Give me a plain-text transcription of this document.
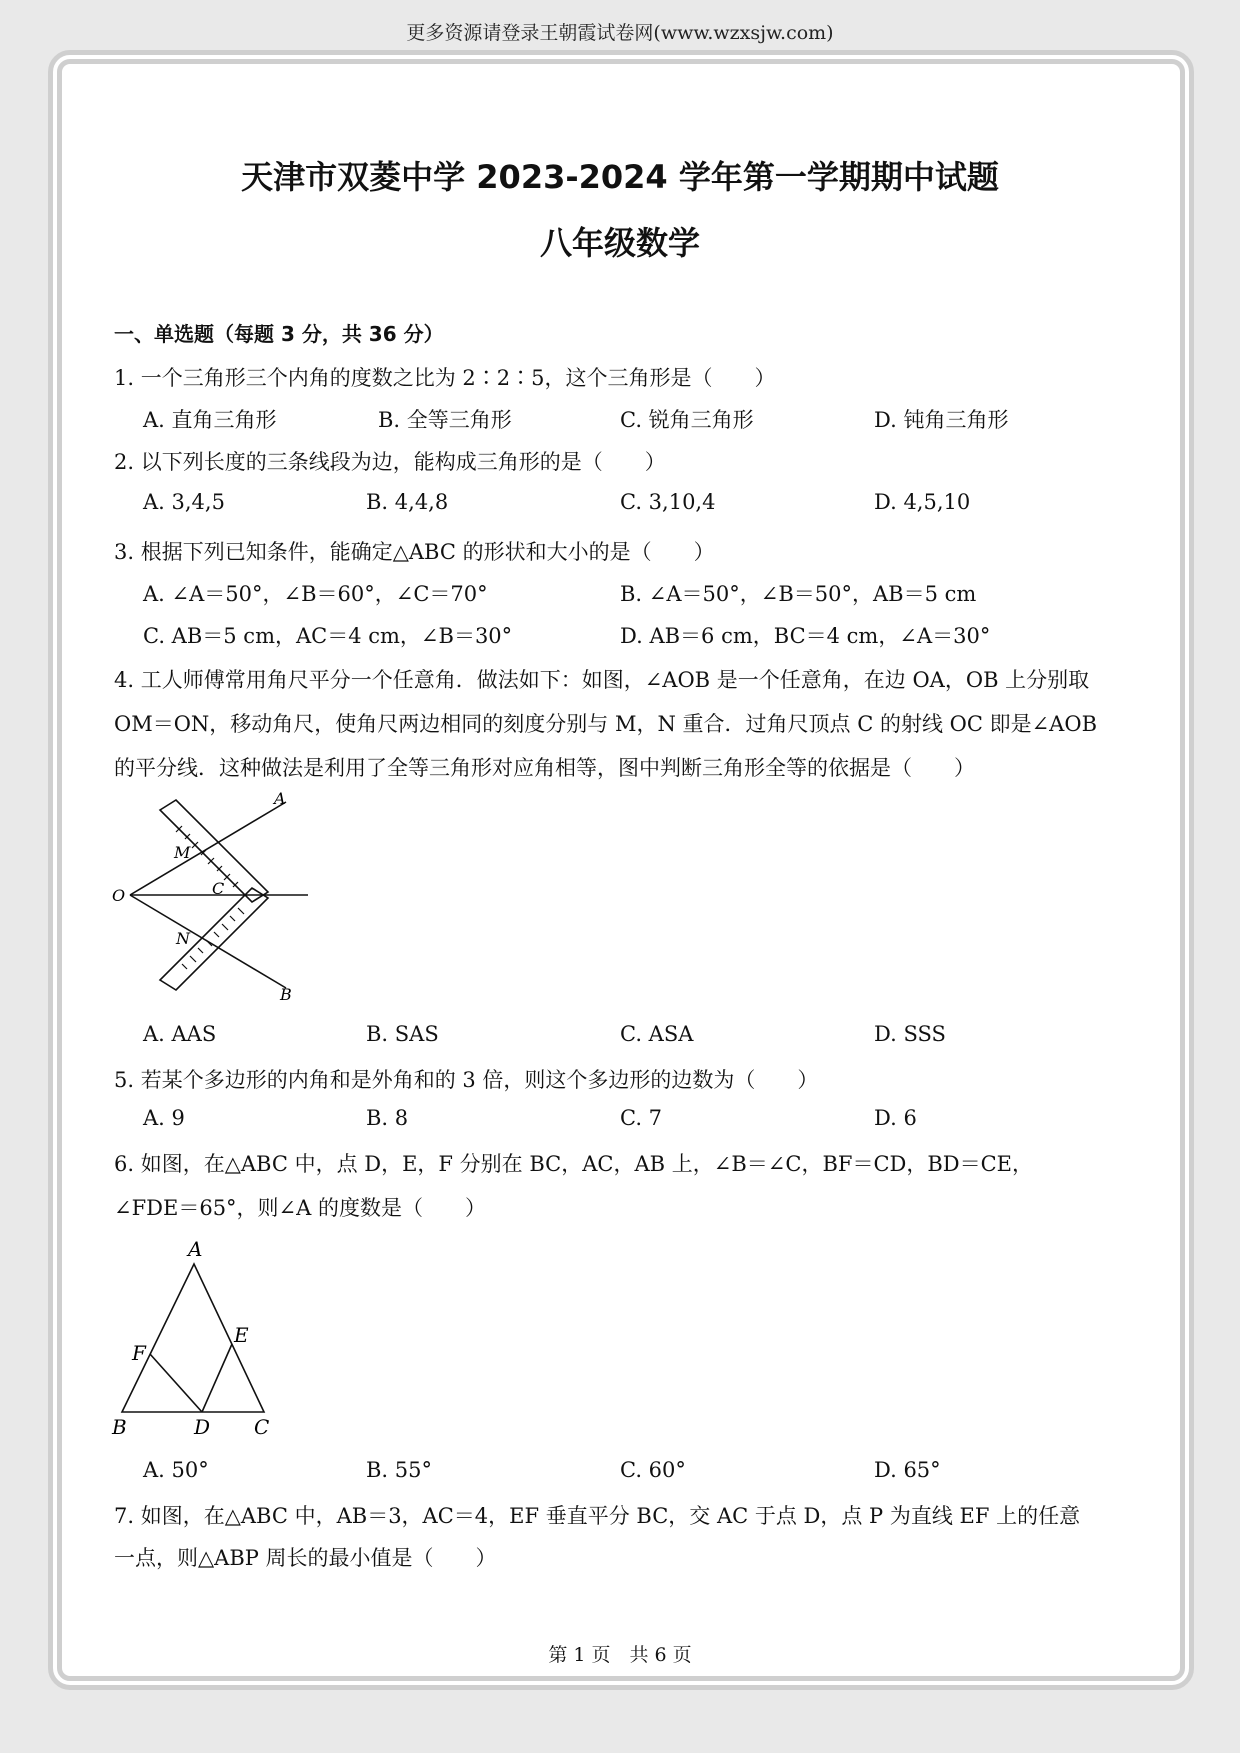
更多资源请登录王朝霞试卷网(www.wzxsjw.com)
天津市双菱中学 2023-2024 学年第一学期期中试题
八年级数学
一、单选题（每题 3 分，共 36 分）
1. 一个三角形三个内角的度数之比为 2∶2∶5，这个三角形是（　　）
A. 直角三角形	B. 全等三角形	C. 锐角三角形	D. 钝角三角形
2. 以下列长度的三条线段为边，能构成三角形的是（　　）
A. 3,4,5	B. 4,4,8	C. 3,10,4	D. 4,5,10
3. 根据下列已知条件，能确定△ABC 的形状和大小的是（　　）
A. ∠A＝50°，∠B＝60°，∠C＝70°	B. ∠A＝50°，∠B＝50°，AB＝5 cm
C. AB＝5 cm，AC＝4 cm，∠B＝30°	D. AB＝6 cm，BC＝4 cm，∠A＝30°
4. 工人师傅常用角尺平分一个任意角．做法如下：如图，∠AOB 是一个任意角，在边 OA，OB 上分别取
OM＝ON，移动角尺，使角尺两边相同的刻度分别与 M，N 重合．过角尺顶点 C 的射线 OC 即是∠AOB
的平分线．这种做法是利用了全等三角形对应角相等，图中判断三角形全等的依据是（　　）
A
M
O	C
N
B
A. AAS	B. SAS	C. ASA	D. SSS
5. 若某个多边形的内角和是外角和的 3 倍，则这个多边形的边数为（　　）
A. 9	B. 8	C. 7	D. 6
6. 如图，在△ABC 中，点 D，E，F 分别在 BC，AC，AB 上，∠B＝∠C，BF＝CD，BD＝CE，
∠FDE＝65°，则∠A 的度数是（　　）
A
E
F
B	D C
A. 50°	B. 55°	C. 60°	D. 65°
7. 如图，在△ABC 中，AB＝3，AC＝4，EF 垂直平分 BC，交 AC 于点 D，点 P 为直线 EF 上的任意
一点，则△ABP 周长的最小值是（　　）
第 1 页　共 6 页
